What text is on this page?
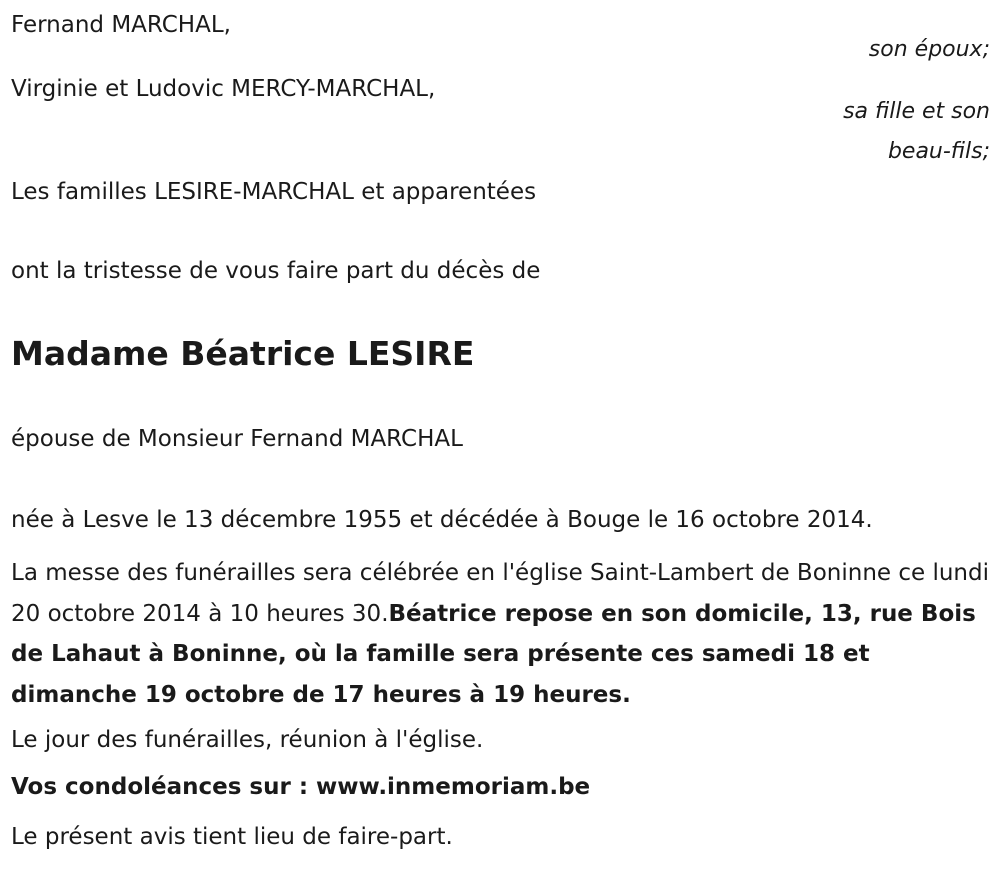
Fernand MARCHAL,
son époux;
Virginie et Ludovic MERCY-MARCHAL,
sa fille et son
beau-fils;
Les familles LESIRE-MARCHAL et apparentées
ont la tristesse de vous faire part du décès de
Madame Béatrice LESIRE
épouse de Monsieur Fernand MARCHAL
née à Lesve le 13 décembre 1955 et décédée à Bouge le 16 octobre 2014.
La messe des funérailles sera célébrée en l'église Saint-Lambert de Boninne ce lundi 20 octobre 2014 à 10 heures 30.Béatrice repose en son domicile, 13, rue Bois de Lahaut à Boninne, où la famille sera présente ces samedi 18 et dimanche 19 octobre de 17 heures à 19 heures.
Le jour des funérailles, réunion à l'église.
Vos condoléances sur : www.inmemoriam.be
Le présent avis tient lieu de faire-part.
